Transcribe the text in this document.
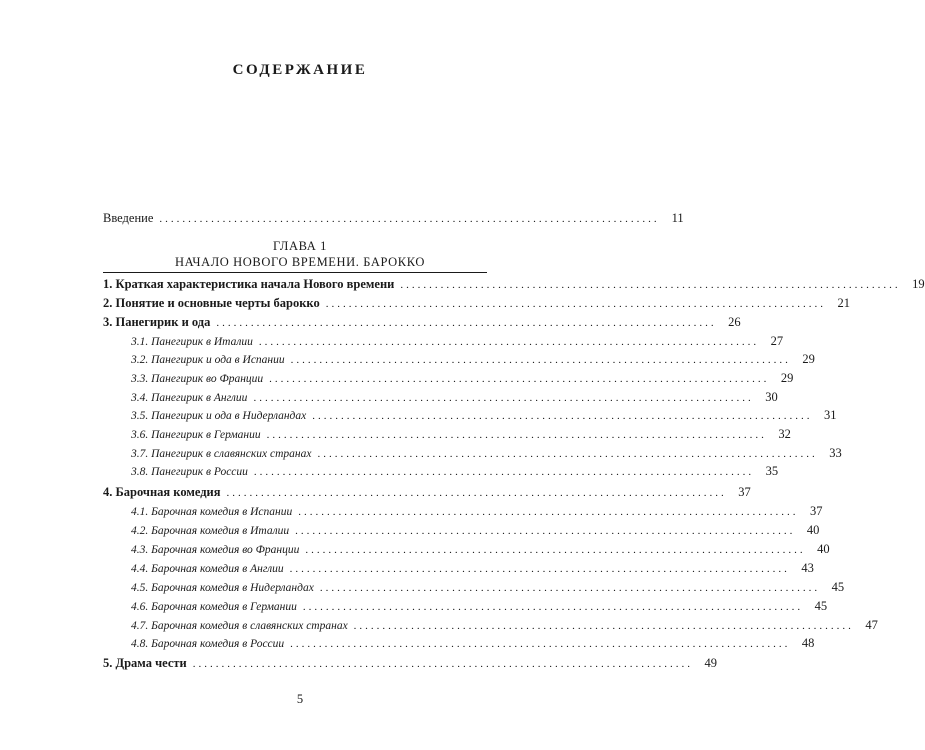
СОДЕРЖАНИЕ
Введение ....................................................................................... 11
ГЛАВА 1
НАЧАЛО НОВОГО ВРЕМЕНИ. БАРОККО
1. Краткая характеристика начала Нового времени ....................................................................................... 19
2. Понятие и основные черты барокко ....................................................................................... 21
3. Панегирик и ода ....................................................................................... 26
3.1. Панегирик в Италии ....................................................................................... 27
3.2. Панегирик и ода в Испании ....................................................................................... 29
3.3. Панегирик во Франции ....................................................................................... 29
3.4. Панегирик в Англии ....................................................................................... 30
3.5. Панегирик и ода в Нидерландах ....................................................................................... 31
3.6. Панегирик в Германии ....................................................................................... 32
3.7. Панегирик в славянских странах ....................................................................................... 33
3.8. Панегирик в России ....................................................................................... 35
4. Барочная комедия ....................................................................................... 37
4.1. Барочная комедия в Испании ....................................................................................... 37
4.2. Барочная комедия в Италии ....................................................................................... 40
4.3. Барочная комедия во Франции ....................................................................................... 40
4.4. Барочная комедия в Англии ....................................................................................... 43
4.5. Барочная комедия в Нидерландах ....................................................................................... 45
4.6. Барочная комедия в Германии ....................................................................................... 45
4.7. Барочная комедия в славянских странах ....................................................................................... 47
4.8. Барочная комедия в России ....................................................................................... 48
5. Драма чести ....................................................................................... 49
5
